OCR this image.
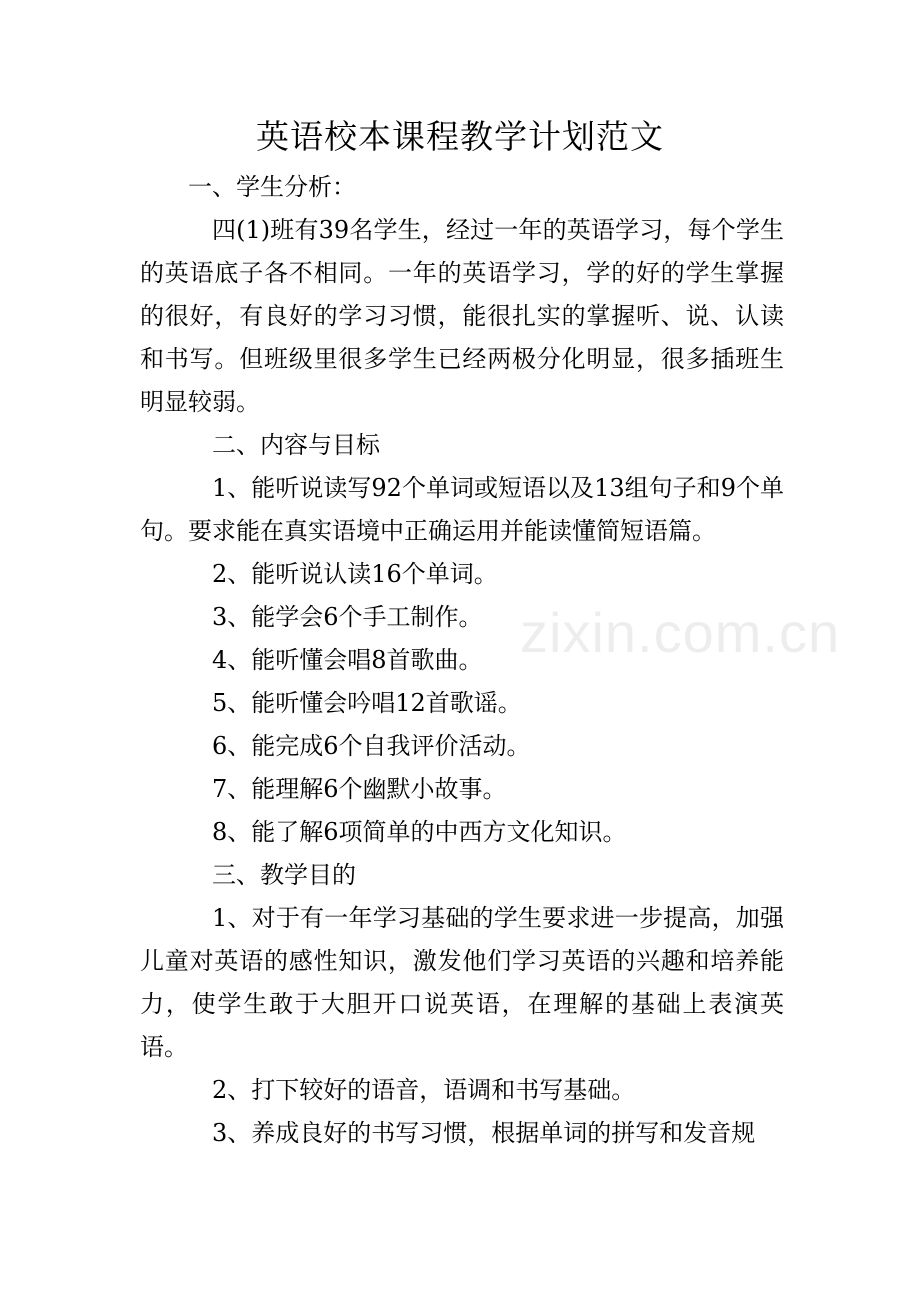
英语校本课程教学计划范文

一、学生分析：

四(1)班有39名学生，经过一年的英语学习，每个学生的英语底子各不相同。一年的英语学习，学的好的学生掌握的很好，有良好的学习习惯，能很扎实的掌握听、说、认读和书写。但班级里很多学生已经两极分化明显，很多插班生明显较弱。

二、内容与目标

1、能听说读写92个单词或短语以及13组句子和9个单句。要求能在真实语境中正确运用并能读懂简短语篇。

2、能听说认读16个单词。

3、能学会6个手工制作。

4、能听懂会唱8首歌曲。

5、能听懂会吟唱12首歌谣。

6、能完成6个自我评价活动。

7、能理解6个幽默小故事。

8、能了解6项简单的中西方文化知识。

三、教学目的

1、对于有一年学习基础的学生要求进一步提高，加强儿童对英语的感性知识，激发他们学习英语的兴趣和培养能力，使学生敢于大胆开口说英语，在理解的基础上表演英语。

2、打下较好的语音，语调和书写基础。

3、养成良好的书写习惯，根据单词的拼写和发音规

zixin.com.cn
